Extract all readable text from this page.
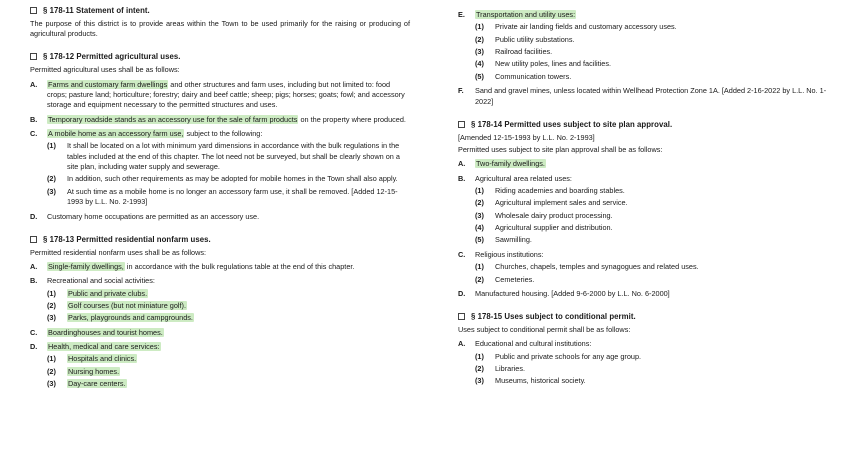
§ 178-11 Statement of intent.
The purpose of this district is to provide areas within the Town to be used primarily for the raising or producing of agricultural products.
§ 178-12 Permitted agricultural uses.
Permitted agricultural uses shall be as follows:
A.	Farms and customary farm dwellings and other structures and farm uses, including but not limited to: food crops; pasture land; horticulture; forestry; dairy and beef cattle; sheep; pigs; horses; goats; fowl; and accessory storage and equipment necessary to the permitted structures and uses.
B.	Temporary roadside stands as an accessory use for the sale of farm products on the property where produced.
C.	A mobile home as an accessory farm use, subject to the following:
(1)	It shall be located on a lot with minimum yard dimensions in accordance with the bulk regulations in the tables included at the end of this chapter. The lot need not be surveyed, but shall be clearly shown on a site plan, including water supply and sewerage.
(2)	In addition, such other requirements as may be adopted for mobile homes in the Town shall also apply.
(3)	At such time as a mobile home is no longer an accessory farm use, it shall be removed. [Added 12-15-1993 by L.L. No. 2-1993]
D.	Customary home occupations are permitted as an accessory use.
§ 178-13 Permitted residential nonfarm uses.
Permitted residential nonfarm uses shall be as follows:
A.	Single-family dwellings, in accordance with the bulk regulations table at the end of this chapter.
B.	Recreational and social activities:
(1)	Public and private clubs.
(2)	Golf courses (but not miniature golf).
(3)	Parks, playgrounds and campgrounds.
C.	Boardinghouses and tourist homes.
D.	Health, medical and care services:
(1)	Hospitals and clinics.
(2)	Nursing homes.
(3)	Day-care centers.
E.	Transportation and utility uses:
(1)	Private air landing fields and customary accessory uses.
(2)	Public utility substations.
(3)	Railroad facilities.
(4)	New utility poles, lines and facilities.
(5)	Communication towers.
F.	Sand and gravel mines, unless located within Wellhead Protection Zone 1A. [Added 2-16-2022 by L.L. No. 1-2022]
§ 178-14 Permitted uses subject to site plan approval.
[Amended 12-15-1993 by L.L. No. 2-1993]
Permitted uses subject to site plan approval shall be as follows:
A.	Two-family dwellings.
B.	Agricultural area related uses:
(1)	Riding academies and boarding stables.
(2)	Agricultural implement sales and service.
(3)	Wholesale dairy product processing.
(4)	Agricultural supplier and distribution.
(5)	Sawmilling.
C.	Religious institutions:
(1)	Churches, chapels, temples and synagogues and related uses.
(2)	Cemeteries.
D.	Manufactured housing. [Added 9-6-2000 by L.L. No. 6-2000]
§ 178-15 Uses subject to conditional permit.
Uses subject to conditional permit shall be as follows:
A.	Educational and cultural institutions:
(1)	Public and private schools for any age group.
(2)	Libraries.
(3)	Museums, historical society.
